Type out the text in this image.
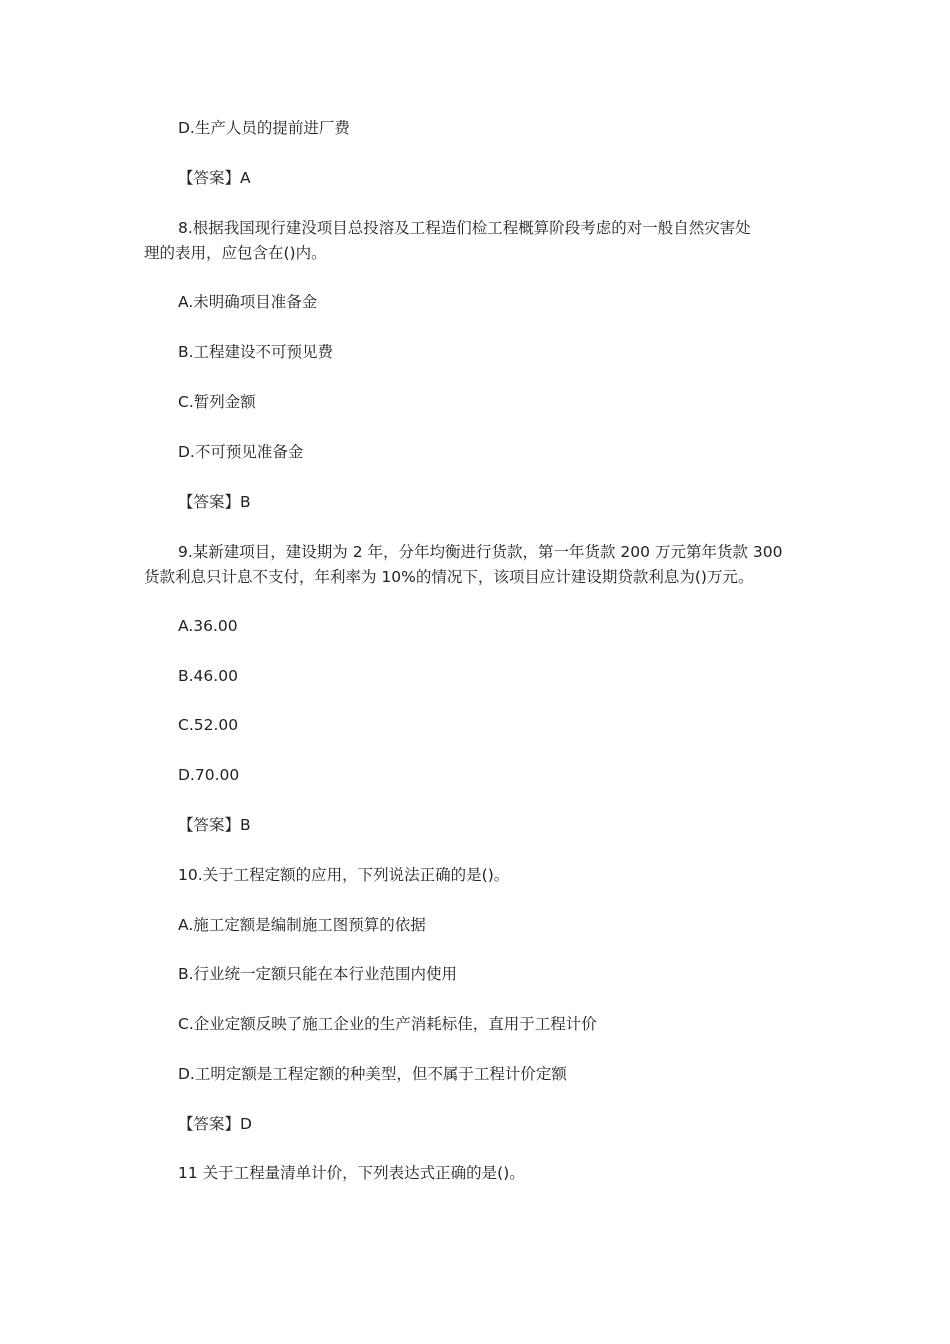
D.生产人员的提前进厂费
【答案】A
8.根据我国现行建没项目总投溶及工程造们检工程概算阶段考虑的对一般自然灾害处
理的表用，应包含在()内。
A.未明确项目准备金
B.工程建设不可预见费
C.暂列金额
D.不可预见准备金
【答案】B
9.某新建项目，建设期为 2 年，分年均衡进行货款，第一年货款 200 万元第年货款 300
货款利息只计息不支付，年利率为 10%的情况下，该项目应计建设期贷款利息为()万元。
A.36.00
B.46.00
C.52.00
D.70.00
【答案】B
10.关于工程定额的应用，下列说法正确的是()。
A.施工定额是编制施工图预算的依据
B.行业统一定额只能在本行业范围内使用
C.企业定额反映了施工企业的生产消耗标佳，直用于工程计价
D.工明定额是工程定额的种美型，但不属于工程计价定额
【答案】D
11 关于工程量清单计价，下列表达式正确的是()。
